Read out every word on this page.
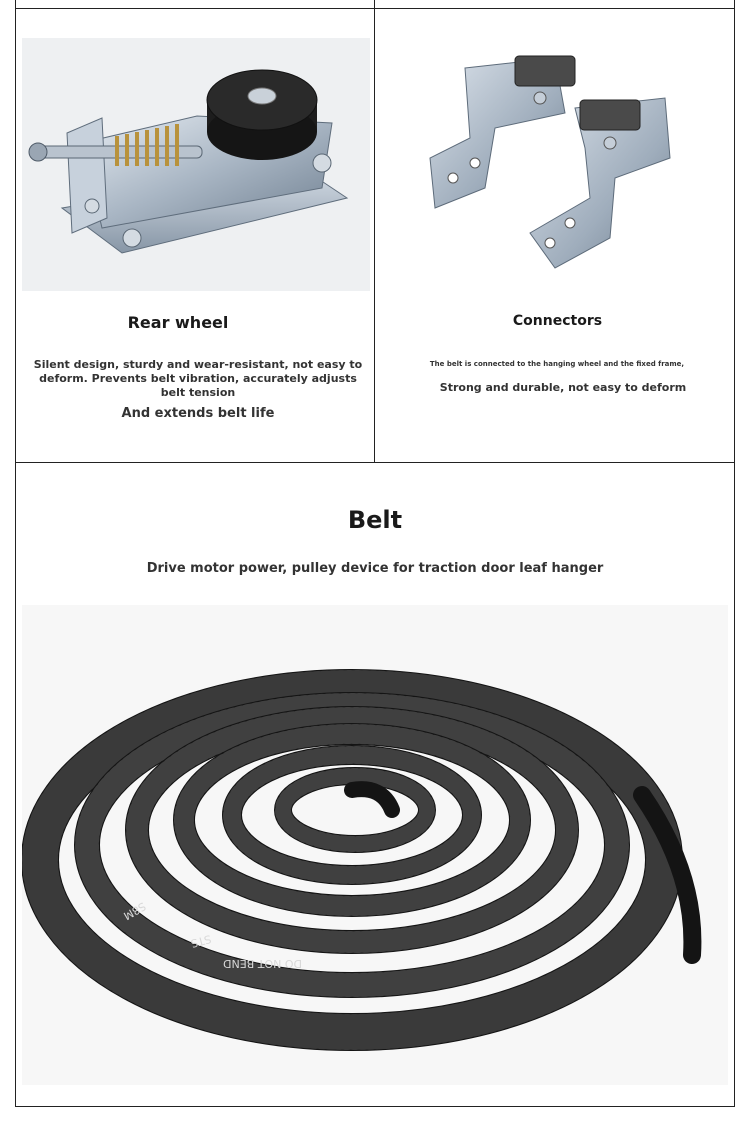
Rear wheel
Silent design, sturdy and wear-resistant, not easy to deform. Prevents belt vibration, accurately adjusts belt tension
And extends belt life
Connectors
The belt is connected to the hanging wheel and the fixed frame,
Strong and durable, not easy to deform
Belt
Drive motor power, pulley device for traction door leaf hanger
DO NOT BEND
STS
S8M
